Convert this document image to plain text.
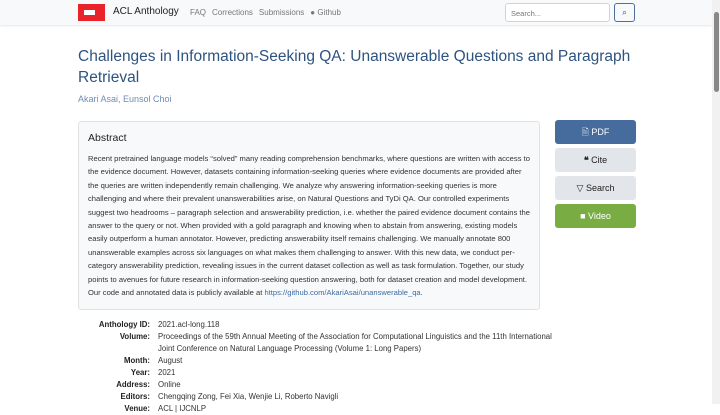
ACL Anthology FAQ Corrections Submissions ● Github	Search...	⌕
Challenges in Information-Seeking QA: Unanswerable Questions and Paragraph Retrieval
Akari Asai, Eunsol Choi
Abstract

Recent pretrained language models “solved” many reading comprehension benchmarks, where questions are written with access to the evidence document. However, datasets containing information-seeking queries where evidence documents are provided after the queries are written independently remain challenging. We analyze why answering information-seeking queries is more challenging and where their prevalent unanswerabilities arise, on Natural Questions and TyDi QA. Our controlled experiments suggest two headrooms – paragraph selection and answerability prediction, i.e. whether the paired evidence document contains the answer to the query or not. When provided with a gold paragraph and knowing when to abstain from answering, existing models easily outperform a human annotator. However, predicting answerability itself remains challenging. We manually annotate 800 unanswerable examples across six languages on what makes them challenging to answer. With this new data, we conduct per-category answerability prediction, revealing issues in the current dataset collection as well as task formulation. Together, our study points to avenues for future research in information-seeking question answering, both for dataset creation and model development. Our code and annotated data is publicly available at https://github.com/AkariAsai/unanswerable_qa.

🗎 PDF
❝ Cite
▽ Search
■ Video
Anthology ID:	2021.acl-long.118
Volume:	Proceedings of the 59th Annual Meeting of the Association for Computational Linguistics and the 11th International Joint Conference on Natural Language Processing (Volume 1: Long Papers)
Month:	August
Year:	2021
Address:	Online
Editors:	Chengqing Zong, Fei Xia, Wenjie Li, Roberto Navigli
Venue:	ACL | IJCNLP
